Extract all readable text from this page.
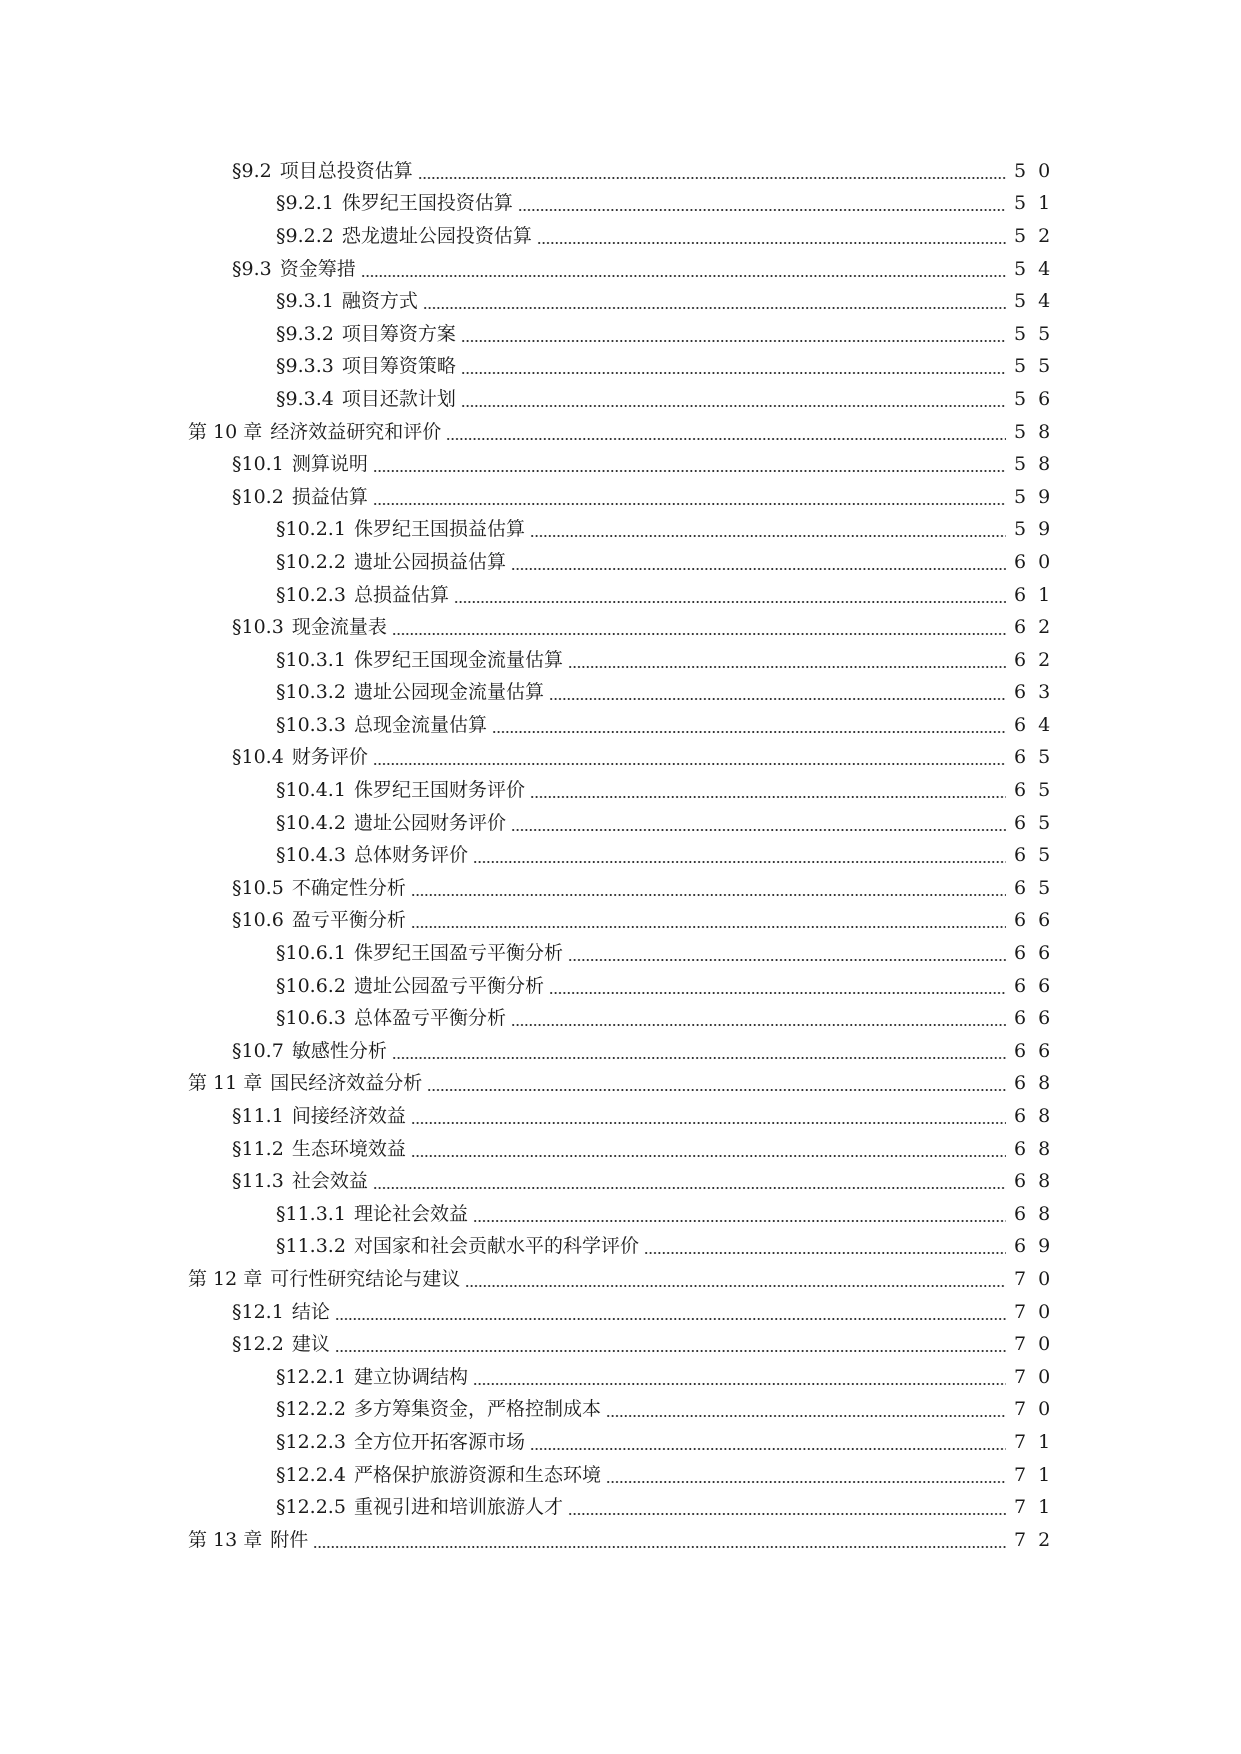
§9.2 项目总投资估算	50
§9.2.1 侏罗纪王国投资估算	51
§9.2.2 恐龙遗址公园投资估算	52
§9.3 资金筹措	54
§9.3.1 融资方式	54
§9.3.2 项目筹资方案	55
§9.3.3 项目筹资策略	55
§9.3.4 项目还款计划	56
第 10 章 经济效益研究和评价	58
§10.1 测算说明	58
§10.2 损益估算	59
§10.2.1 侏罗纪王国损益估算	59
§10.2.2 遗址公园损益估算	60
§10.2.3 总损益估算	61
§10.3 现金流量表	62
§10.3.1 侏罗纪王国现金流量估算	62
§10.3.2 遗址公园现金流量估算	63
§10.3.3 总现金流量估算	64
§10.4 财务评价	65
§10.4.1 侏罗纪王国财务评价	65
§10.4.2 遗址公园财务评价	65
§10.4.3 总体财务评价	65
§10.5 不确定性分析	65
§10.6 盈亏平衡分析	66
§10.6.1 侏罗纪王国盈亏平衡分析	66
§10.6.2 遗址公园盈亏平衡分析	66
§10.6.3 总体盈亏平衡分析	66
§10.7 敏感性分析	66
第 11 章 国民经济效益分析	68
§11.1 间接经济效益	68
§11.2 生态环境效益	68
§11.3 社会效益	68
§11.3.1 理论社会效益	68
§11.3.2 对国家和社会贡献水平的科学评价	69
第 12 章 可行性研究结论与建议	70
§12.1 结论	70
§12.2 建议	70
§12.2.1 建立协调结构	70
§12.2.2 多方筹集资金，严格控制成本	70
§12.2.3 全方位开拓客源市场	71
§12.2.4 严格保护旅游资源和生态环境	71
§12.2.5 重视引进和培训旅游人才	71
第 13 章 附件	72
